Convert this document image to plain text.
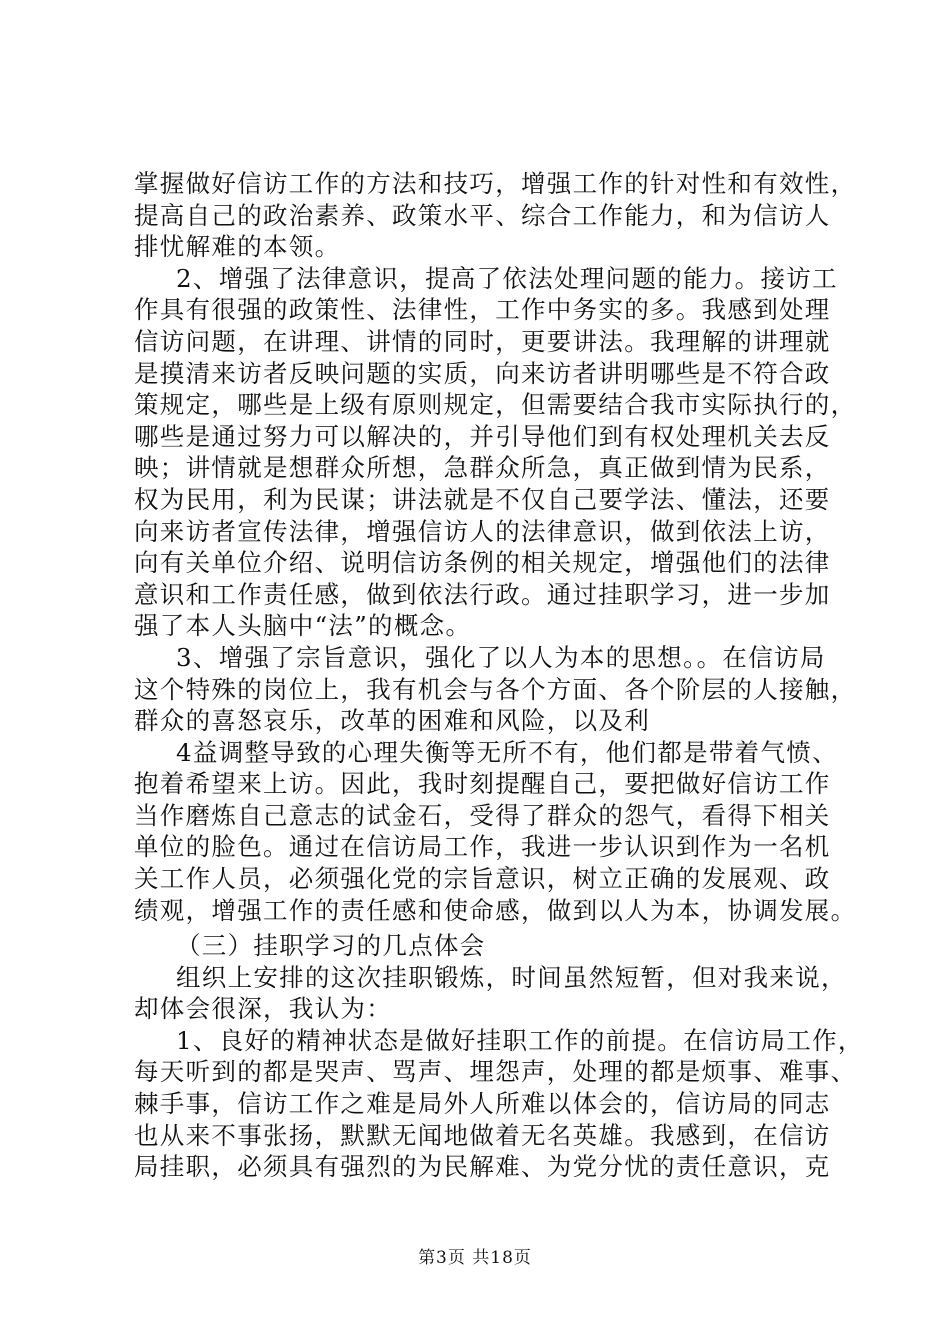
掌握做好信访工作的方法和技巧，增强工作的针对性和有效性，
提高自己的政治素养、政策水平、综合工作能力，和为信访人
排忧解难的本领。
2、增强了法律意识，提高了依法处理问题的能力。接访工
作具有很强的政策性、法律性，工作中务实的多。我感到处理
信访问题，在讲理、讲情的同时，更要讲法。我理解的讲理就
是摸清来访者反映问题的实质，向来访者讲明哪些是不符合政
策规定，哪些是上级有原则规定，但需要结合我市实际执行的，
哪些是通过努力可以解决的，并引导他们到有权处理机关去反
映；讲情就是想群众所想，急群众所急，真正做到情为民系，
权为民用，利为民谋；讲法就是不仅自己要学法、懂法，还要
向来访者宣传法律，增强信访人的法律意识，做到依法上访，
向有关单位介绍、说明信访条例的相关规定，增强他们的法律
意识和工作责任感，做到依法行政。通过挂职学习，进一步加
强了本人头脑中“法”的概念。
3、增强了宗旨意识，强化了以人为本的思想。。在信访局
这个特殊的岗位上，我有机会与各个方面、各个阶层的人接触，
群众的喜怒哀乐，改革的困难和风险，以及利
4益调整导致的心理失衡等无所不有，他们都是带着气愤、
抱着希望来上访。因此，我时刻提醒自己，要把做好信访工作
当作磨炼自己意志的试金石，受得了群众的怨气，看得下相关
单位的脸色。通过在信访局工作，我进一步认识到作为一名机
关工作人员，必须强化党的宗旨意识，树立正确的发展观、政
绩观，增强工作的责任感和使命感，做到以人为本，协调发展。
（三）挂职学习的几点体会
组织上安排的这次挂职锻炼，时间虽然短暂，但对我来说，
却体会很深，我认为：
1、良好的精神状态是做好挂职工作的前提。在信访局工作，
每天听到的都是哭声、骂声、埋怨声，处理的都是烦事、难事、
棘手事，信访工作之难是局外人所难以体会的，信访局的同志
也从来不事张扬，默默无闻地做着无名英雄。我感到，在信访
局挂职，必须具有强烈的为民解难、为党分忧的责任意识，克
第3页 共18页
